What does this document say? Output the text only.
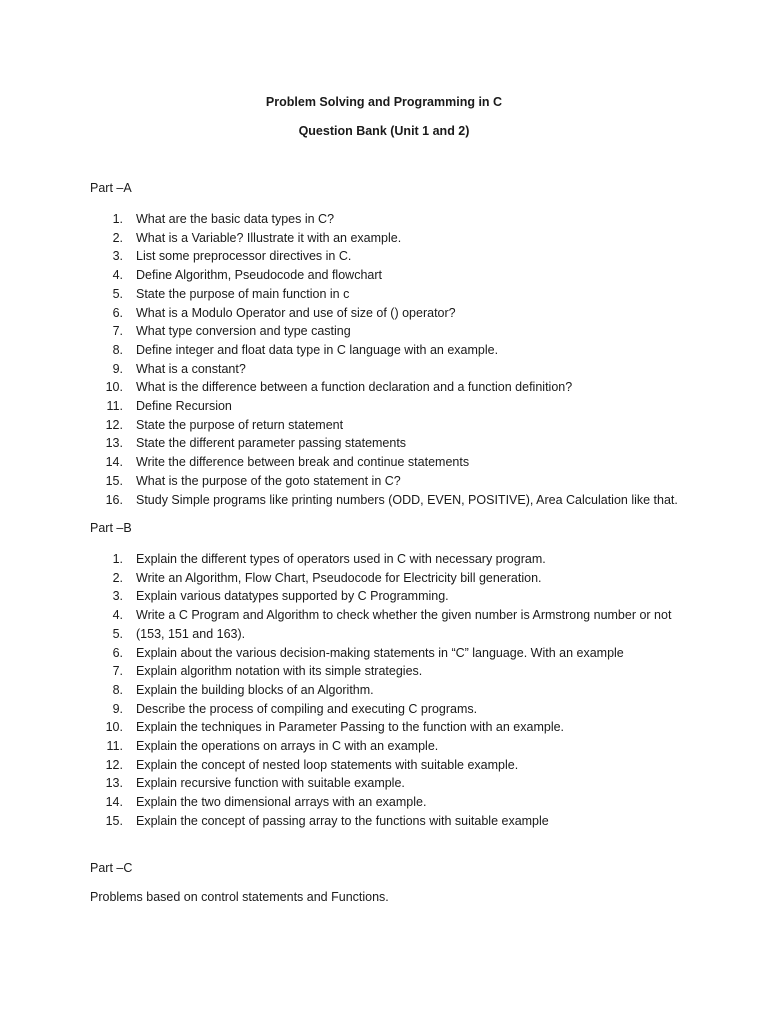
Problem Solving and Programming in C
Question Bank (Unit 1 and 2)
Part –A
1. What are the basic data types in C?
2. What is a Variable? Illustrate it with an example.
3. List some preprocessor directives in C.
4. Define Algorithm, Pseudocode and flowchart
5. State the purpose of main function in c
6. What is a Modulo Operator and use of size of () operator?
7. What type conversion and type casting
8. Define integer and float data type in C language with an example.
9. What is a constant?
10. What is the difference between a function declaration and a function definition?
11. Define Recursion
12. State the purpose of return statement
13. State the different parameter passing statements
14. Write the difference between break and continue statements
15. What is the purpose of the goto statement in C?
16. Study Simple programs like printing numbers (ODD, EVEN, POSITIVE), Area Calculation like that.
Part –B
1. Explain the different types of operators used in C with necessary program.
2. Write an Algorithm, Flow Chart, Pseudocode for Electricity bill generation.
3. Explain various datatypes supported by C Programming.
4. Write a C Program and Algorithm to check whether the given number is Armstrong number or not
5. (153, 151 and 163).
6. Explain about the various decision-making statements in “C” language. With an example
7. Explain algorithm notation with its simple strategies.
8. Explain the building blocks of an Algorithm.
9. Describe the process of compiling and executing C programs.
10. Explain the techniques in Parameter Passing to the function with an example.
11. Explain the operations on arrays in C with an example.
12. Explain the concept of nested loop statements with suitable example.
13. Explain recursive function with suitable example.
14. Explain the two dimensional arrays with an example.
15. Explain the concept of passing array to the functions with suitable example
Part –C
Problems based on control statements and Functions.
